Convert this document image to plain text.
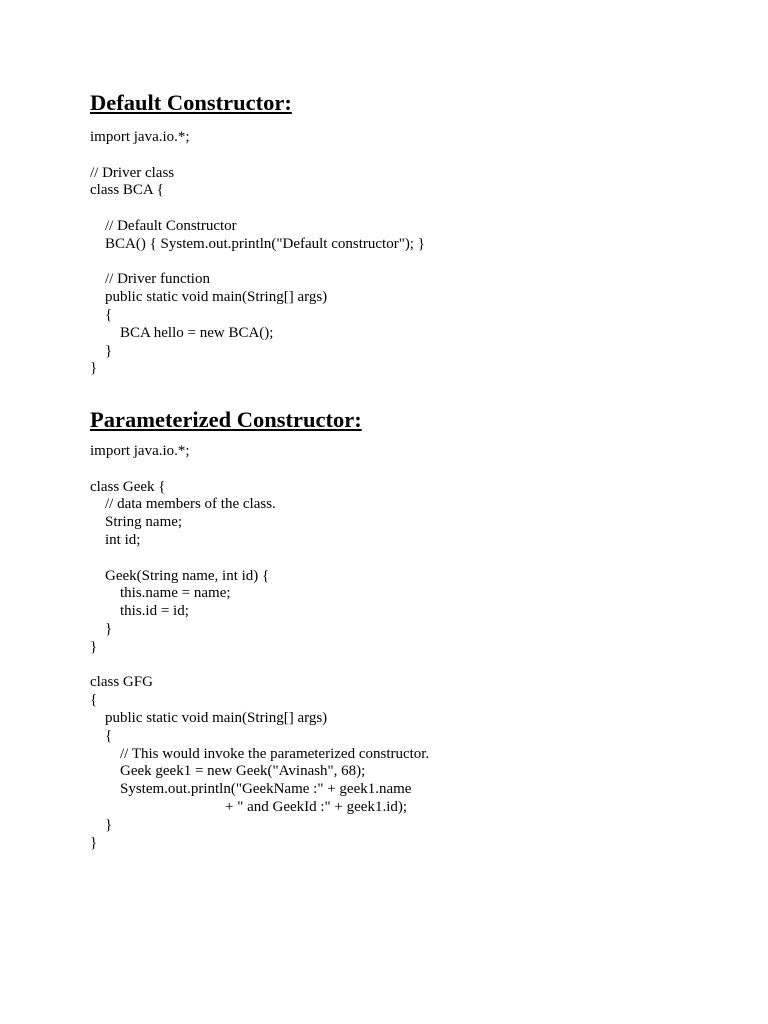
Default Constructor:
import java.io.*;
// Driver class
class BCA {
// Default Constructor
BCA() { System.out.println("Default constructor"); }
// Driver function
public static void main(String[] args)
{
BCA hello = new BCA();
}
}
Parameterized Constructor:
import java.io.*;
class Geek {
// data members of the class.
String name;
int id;
Geek(String name, int id) {
this.name = name;
this.id = id;
}
}
class GFG
{
public static void main(String[] args)
{
// This would invoke the parameterized constructor.
Geek geek1 = new Geek("Avinash", 68);
System.out.println("GeekName :" + geek1.name
+ " and GeekId :" + geek1.id);
}
}
